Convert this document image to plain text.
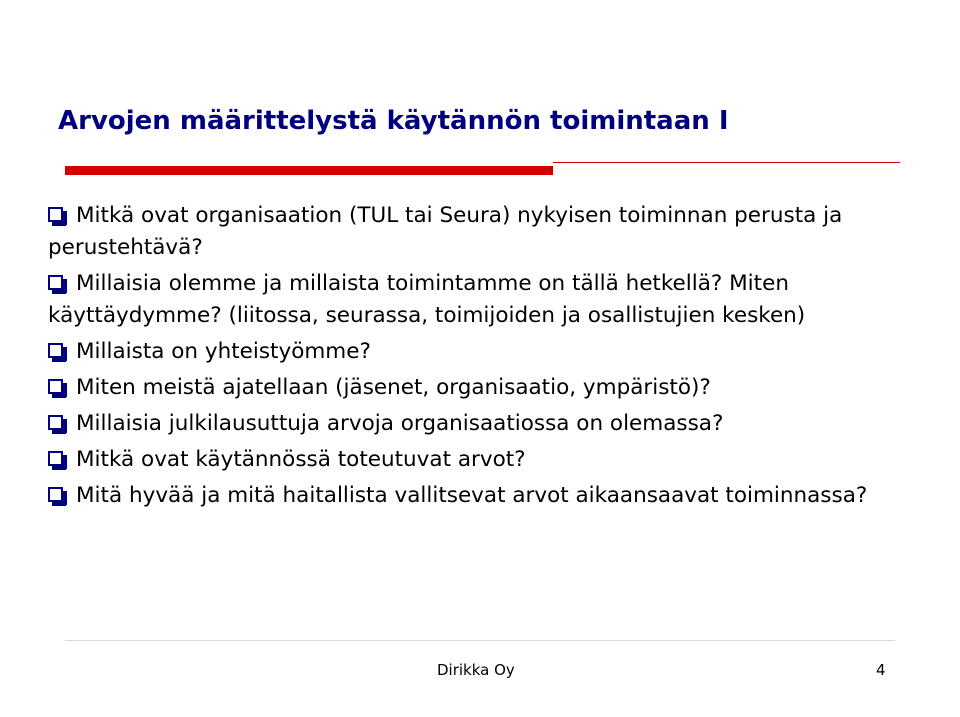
Arvojen määrittelystä käytännön toimintaan I
Mitkä ovat organisaation (TUL tai Seura) nykyisen toiminnan perusta ja perustehtävä?
Millaisia olemme ja millaista toimintamme on tällä hetkellä? Miten käyttäydymme? (liitossa, seurassa, toimijoiden ja osallistujien kesken)
Millaista on yhteistyömme?
Miten meistä ajatellaan (jäsenet, organisaatio, ympäristö)?
Millaisia julkilausuttuja arvoja organisaatiossa on olemassa?
Mitkä ovat käytännössä toteutuvat arvot?
Mitä hyvää ja mitä haitallista vallitsevat arvot aikaansaavat toiminnassa?
Dirikka Oy	4
